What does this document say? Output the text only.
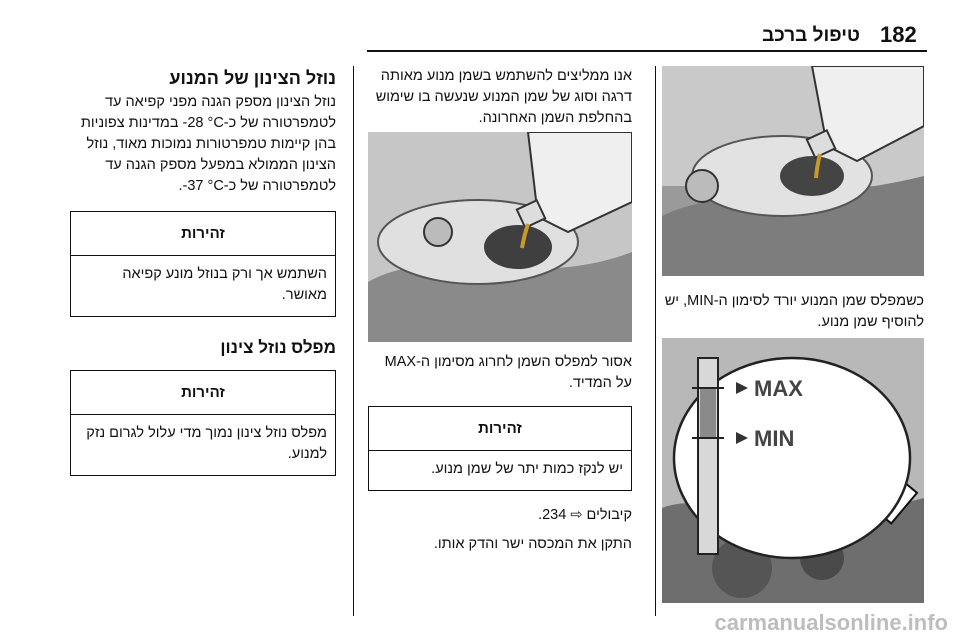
182
טיפול ברכב

כשמפלס שמן המנוע יורד לסימון ה-MIN, יש להוסיף שמן מנוע.

MAX
MIN

אנו ממליצים להשתמש בשמן מנוע מאותה דרגה וסוג של שמן המנוע שנעשה בו שימוש בהחלפת השמן האחרונה.

אסור למפלס השמן לחרוג מסימון ה-MAX על המדיד.

זהירות
יש לנקז כמות יתר של שמן מנוע.

קיבולים ⇨ 234.

התקן את המכסה ישר והדק אותו.

נוזל הצינון של המנוע

נוזל הצינון מספק הגנה מפני קפיאה עד לטמפרטורה של כ-‎-28 °C‎ במדינות צפוניות בהן קיימות טמפרטורות נמוכות מאוד, נוזל הצינון הממולא במפעל מספק הגנה עד לטמפרטורה של כ-‎-37 °C‎.

זהירות
השתמש אך ורק בנוזל מונע קפיאה מאושר.
מפלס נוזל צינון
זהירות
מפלס נוזל צינון נמוך מדי עלול לגרום נזק למנוע.
carmanualsonline.info
